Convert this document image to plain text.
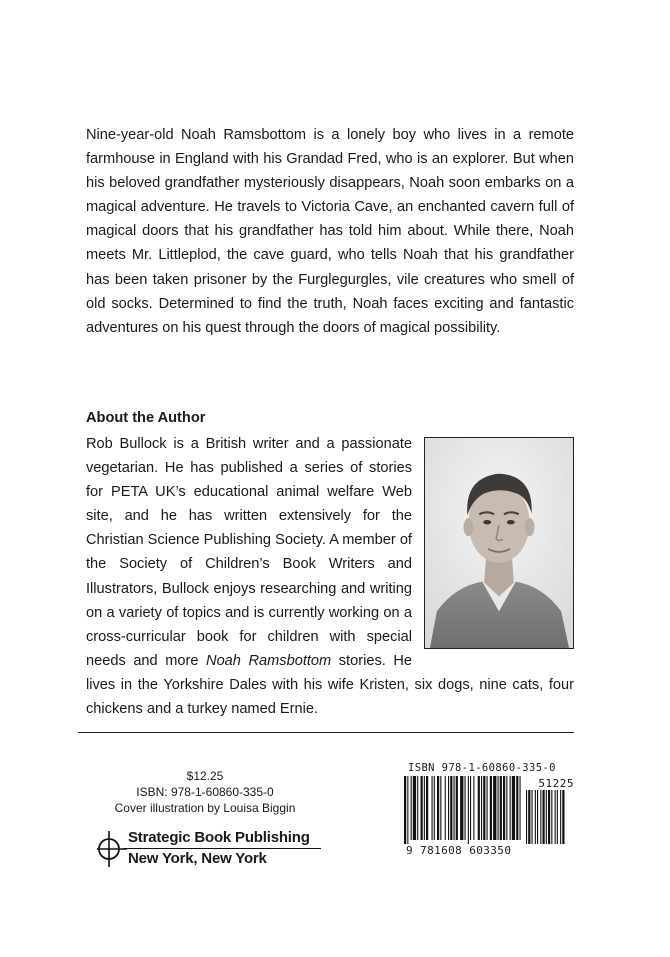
Nine-year-old Noah Ramsbottom is a lonely boy who lives in a remote farmhouse in England with his Grandad Fred, who is an explorer. But when his beloved grandfather mysteriously disappears, Noah soon embarks on a magical adventure. He travels to Victoria Cave, an enchanted cavern full of magical doors that his grandfather has told him about. While there, Noah meets Mr. Littleplod, the cave guard, who tells Noah that his grandfather has been taken prisoner by the Furglegurgles, vile creatures who smell of old socks. Determined to find the truth, Noah faces exciting and fantastic adventures on his quest through the doors of magical possibility.

About the Author
Rob Bullock is a British writer and a passionate vegetarian. He has published a series of stories for PETA UK’s educational animal welfare Web site, and he has written extensively for the Christian Science Publishing Society. A member of the Society of Children’s Book Writers and Illustrators, Bullock enjoys researching and writing on a variety of topics and is currently working on a cross-curricular book for children with special needs and more Noah Ramsbottom stories. He lives in the Yorkshire Dales with his wife Kristen, six dogs, nine cats, four chickens and a turkey named Ernie.
$12.25
ISBN: 978-1-60860-335-0
Cover illustration by Louisa Biggin
Strategic Book Publishing
New York, New York
ISBN 978-1-60860-335-0
51225
9 781608 603350
